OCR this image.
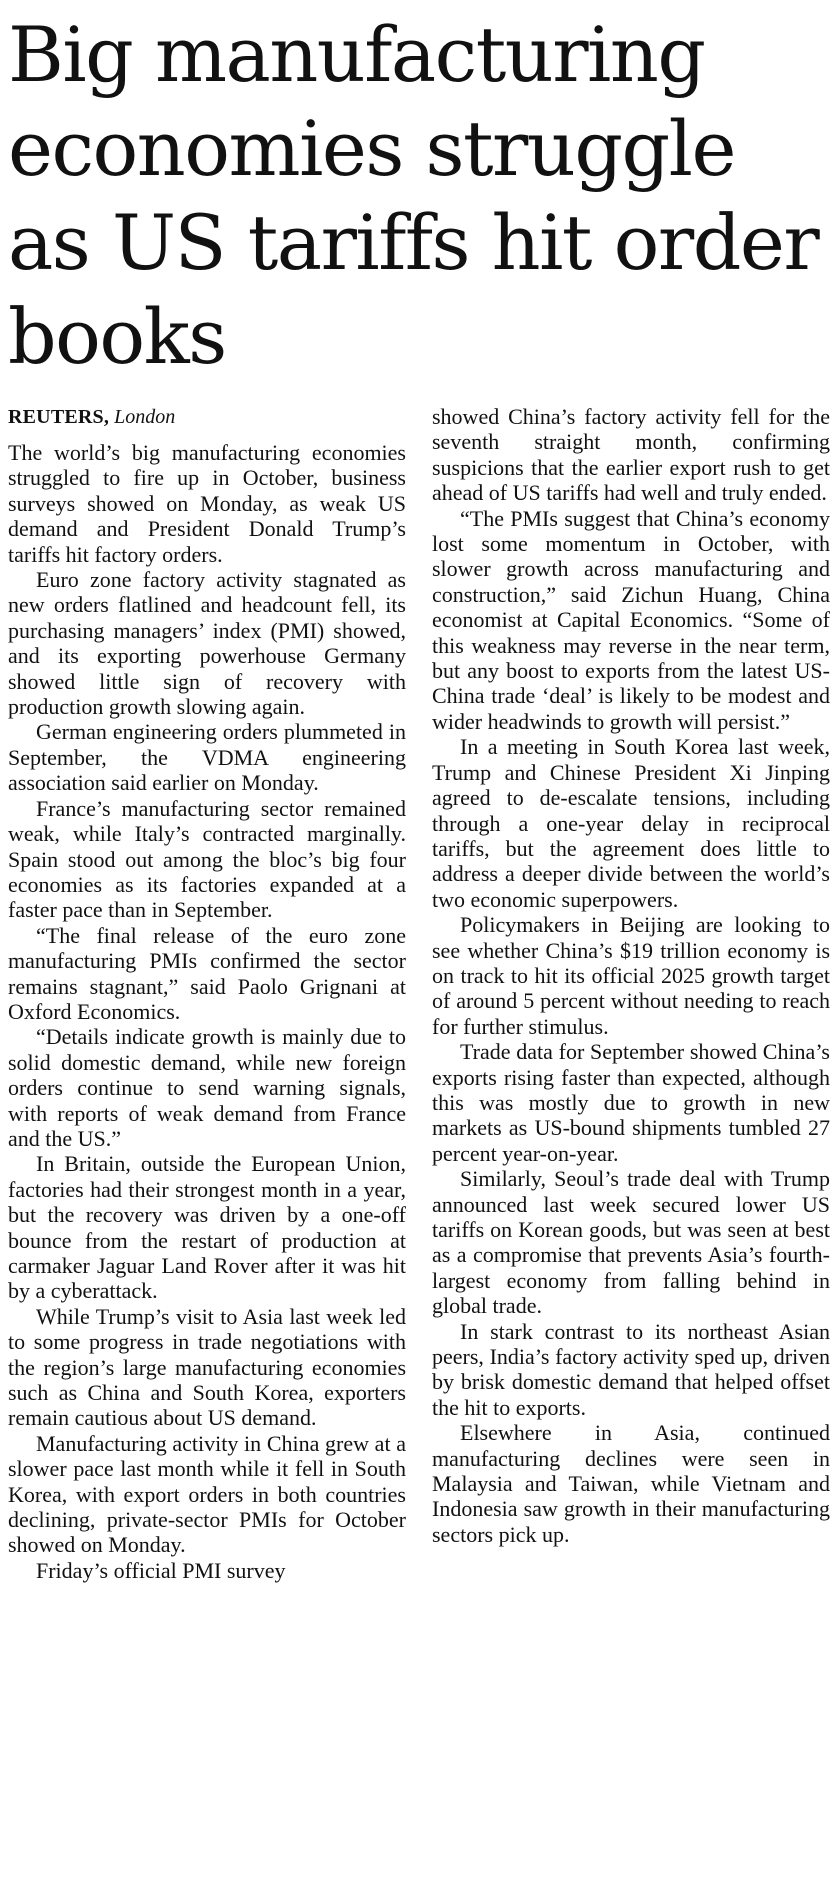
Big manufacturing economies struggle as US tariffs hit order books
REUTERS, London

The world’s big manufacturing economies struggled to fire up in October, business surveys showed on Monday, as weak US demand and President Donald Trump’s tariffs hit factory orders.

Euro zone factory activity stagnated as new orders flatlined and headcount fell, its purchasing managers’ index (PMI) showed, and its exporting powerhouse Germany showed little sign of recovery with production growth slowing again.

German engineering orders plummeted in September, the VDMA engineering association said earlier on Monday.

France’s manufacturing sector remained weak, while Italy’s contracted marginally. Spain stood out among the bloc’s big four economies as its factories expanded at a faster pace than in September.

“The final release of the euro zone manufacturing PMIs confirmed the sector remains stagnant,” said Paolo Grignani at Oxford Economics.

“Details indicate growth is mainly due to solid domestic demand, while new foreign orders continue to send warning signals, with reports of weak demand from France and the US.”

In Britain, outside the European Union, factories had their strongest month in a year, but the recovery was driven by a one-off bounce from the restart of production at carmaker Jaguar Land Rover after it was hit by a cyberattack.

While Trump’s visit to Asia last week led to some progress in trade negotiations with the region’s large manufacturing economies such as China and South Korea, exporters remain cautious about US demand.

Manufacturing activity in China grew at a slower pace last month while it fell in South Korea, with export orders in both countries declining, private-sector PMIs for October showed on Monday.

Friday’s official PMI survey

showed China’s factory activity fell for the seventh straight month, confirming suspicions that the earlier export rush to get ahead of US tariffs had well and truly ended.

“The PMIs suggest that China’s economy lost some momentum in October, with slower growth across manufacturing and construction,” said Zichun Huang, China economist at Capital Economics. “Some of this weakness may reverse in the near term, but any boost to exports from the latest US-China trade ‘deal’ is likely to be modest and wider headwinds to growth will persist.”

In a meeting in South Korea last week, Trump and Chinese President Xi Jinping agreed to de-escalate tensions, including through a one-year delay in reciprocal tariffs, but the agreement does little to address a deeper divide between the world’s two economic superpowers.

Policymakers in Beijing are looking to see whether China’s $19 trillion economy is on track to hit its official 2025 growth target of around 5 percent without needing to reach for further stimulus.

Trade data for September showed China’s exports rising faster than expected, although this was mostly due to growth in new markets as US-bound shipments tumbled 27 percent year-on-year.

Similarly, Seoul’s trade deal with Trump announced last week secured lower US tariffs on Korean goods, but was seen at best as a compromise that prevents Asia’s fourth-largest economy from falling behind in global trade.

In stark contrast to its northeast Asian peers, India’s factory activity sped up, driven by brisk domestic demand that helped offset the hit to exports.

Elsewhere in Asia, continued manufacturing declines were seen in Malaysia and Taiwan, while Vietnam and Indonesia saw growth in their manufacturing sectors pick up.
